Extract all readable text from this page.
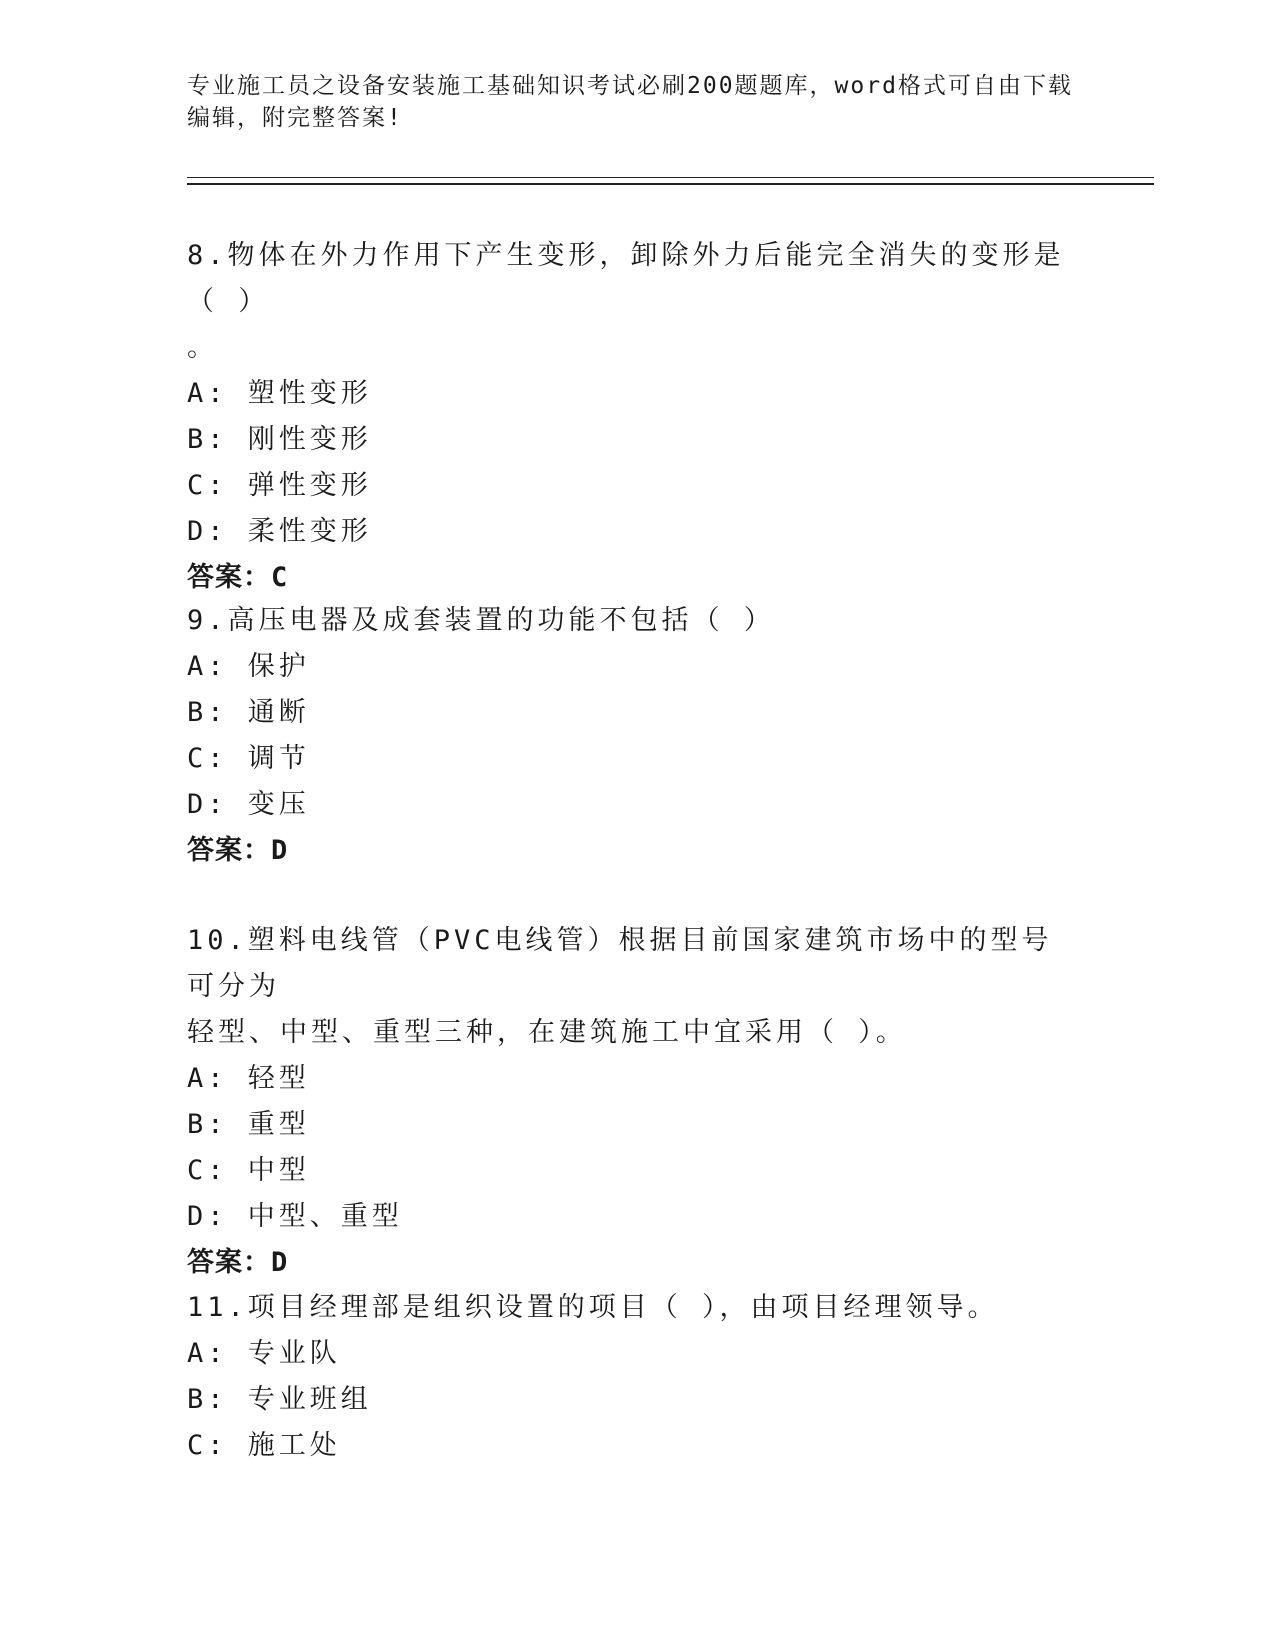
专业施工员之设备安装施工基础知识考试必刷200题题库，word格式可自由下载
编辑，附完整答案!
8.物体在外力作用下产生变形，卸除外力后能完全消失的变形是（ ）
。
A: 塑性变形
B: 刚性变形
C: 弹性变形
D: 柔性变形
答案：C
9.高压电器及成套装置的功能不包括（ ）
A: 保护
B: 通断
C: 调节
D: 变压
答案：D
10.塑料电线管（PVC电线管）根据目前国家建筑市场中的型号可分为
轻型、中型、重型三种，在建筑施工中宜采用（ ）。
A: 轻型
B: 重型
C: 中型
D: 中型、重型
答案：D
11.项目经理部是组织设置的项目（ ），由项目经理领导。
A: 专业队
B: 专业班组
C: 施工处
